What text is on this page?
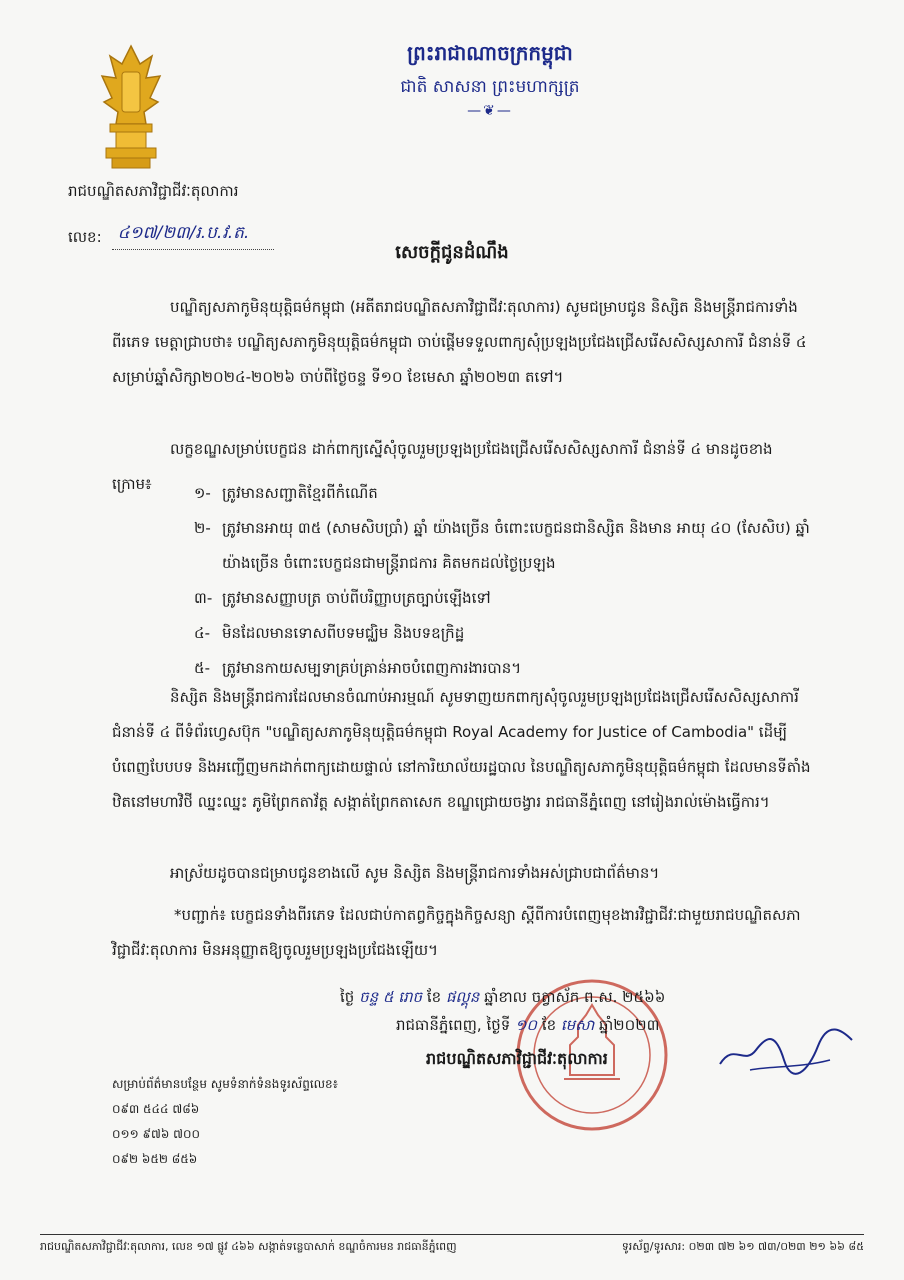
ព្រះរាជាណាចក្រកម្ពុជា
ជាតិ សាសនា ព្រះមហាក្សត្រ
—❦—
រាជបណ្ឌិតសភាវិជ្ជាជីវៈតុលាការ
លេខ: ៤១៧/២៣/រ.ប.វ.ត.
សេចក្តីជូនដំណឹង
បណ្ឌិត្យសភាកូមិនុយុត្តិធម៌កម្ពុជា (អតីតរាជបណ្ឌិតសភាវិជ្ជាជីវៈតុលាការ) សូមជម្រាបជូន និស្សិត និងមន្ត្រីរាជការទាំងពីរភេទ មេត្តាជ្រាបថា៖ បណ្ឌិត្យសភាកូមិនុយុត្តិធម៌កម្ពុជា ចាប់ផ្តើមទទួលពាក្យសុំប្រឡងប្រជែងជ្រើសរើសសិស្សសាការី ជំនាន់ទី ៤ សម្រាប់ឆ្នាំសិក្សា២០២៤-២០២៦ ចាប់ពីថ្ងៃចន្ទ ទី១០ ខែមេសា ឆ្នាំ២០២៣ តទៅ។
លក្ខខណ្ឌសម្រាប់បេក្ខជន ដាក់ពាក្យស្នើសុំចូលរួមប្រឡងប្រជែងជ្រើសរើសសិស្សសាការី ជំនាន់ទី ៤ មានដូចខាងក្រោម៖	១- ត្រូវមានសញ្ជាតិខ្មែរពីកំណើត
២- ត្រូវមានអាយុ ៣៥ (សាមសិបប្រាំ) ឆ្នាំ យ៉ាងច្រើន ចំពោះបេក្ខជនជានិស្សិត និងមាន អាយុ ៤០ (សែសិប) ឆ្នាំ យ៉ាងច្រើន ចំពោះបេក្ខជនជាមន្ត្រីរាជការ គិតមកដល់ថ្ងៃប្រឡង
៣- ត្រូវមានសញ្ញាបត្រ ចាប់ពីបរិញ្ញាបត្រច្បាប់ឡើងទៅ
៤- មិនដែលមានទោសពីបទមជ្ឈិម និងបទឧក្រិដ្ឋ
៥- ត្រូវមានកាយសម្បទាគ្រប់គ្រាន់អាចបំពេញការងារបាន។
និស្សិត និងមន្ត្រីរាជការដែលមានចំណាប់អារម្មណ៍ សូមទាញយកពាក្យសុំចូលរួមប្រឡងប្រជែងជ្រើសរើសសិស្សសាការី ជំនាន់ទី ៤ ពីទំព័រហ្វេសប៊ុក "បណ្ឌិត្យសភាកូមិនុយុត្តិធម៌កម្ពុជា Royal Academy for Justice of Cambodia" ដើម្បីបំពេញបែបបទ និងអញ្ជើញមកដាក់ពាក្យដោយផ្ទាល់ នៅការិយាល័យរដ្ឋបាល នៃបណ្ឌិត្យសភាកូមិនុយុត្តិធម៌កម្ពុជា ដែលមានទីតាំងឋិតនៅមហាវិថី ឈ្នះឈ្នះ ភូមិព្រែកតាវ័ត្ត សង្កាត់ព្រែកតាសេក ខណ្ឌជ្រោយចង្វារ រាជធានីភ្នំពេញ នៅរៀងរាល់ម៉ោងធ្វើការ។
អាស្រ័យដូចបានជម្រាបជូនខាងលើ សូម និស្សិត និងមន្ត្រីរាជការទាំងអស់ជ្រាបជាព័ត៌មាន។
*បញ្ជាក់៖ បេក្ខជនទាំងពីរភេទ ដែលជាប់កាតព្វកិច្ចក្នុងកិច្ចសន្យា ស្តីពីការបំពេញមុខងារវិជ្ជាជីវៈជាមួយរាជបណ្ឌិតសភាវិជ្ជាជីវៈតុលាការ មិនអនុញ្ញាតឱ្យចូលរួមប្រឡងប្រជែងឡើយ។
ថ្ងៃ ចន្ទ ៥ រោច ខែ ផល្គុន ឆ្នាំខាល ចត្វាស័ក ព.ស. ២៥៦៦
រាជធានីភ្នំពេញ, ថ្ងៃទី ១០ ខែ មេសា ឆ្នាំ២០២៣
រាជបណ្ឌិតសភាវិជ្ជាជីវៈតុលាការ
សម្រាប់ព័ត៌មានបន្ថែម សូមទំនាក់ទំនងទូរស័ព្ទលេខ៖
០៩៣ ៥៤៤ ៧៨៦
០១១ ៩៧៦ ៧០០
០៩២ ៦៥២ ៨៥៦
រាជបណ្ឌិតសភាវិជ្ជាជីវៈតុលាការ, លេខ ១៧ ផ្លូវ ៤៦៦ សង្កាត់ទន្លេបាសាក់ ខណ្ឌចំការមន រាជធានីភ្នំពេញ	ទូរស័ព្ទ/ទូរសារ: ០២៣ ៧២ ៦១ ៧៣/០២៣ ២១ ៦៦ ៨៥
